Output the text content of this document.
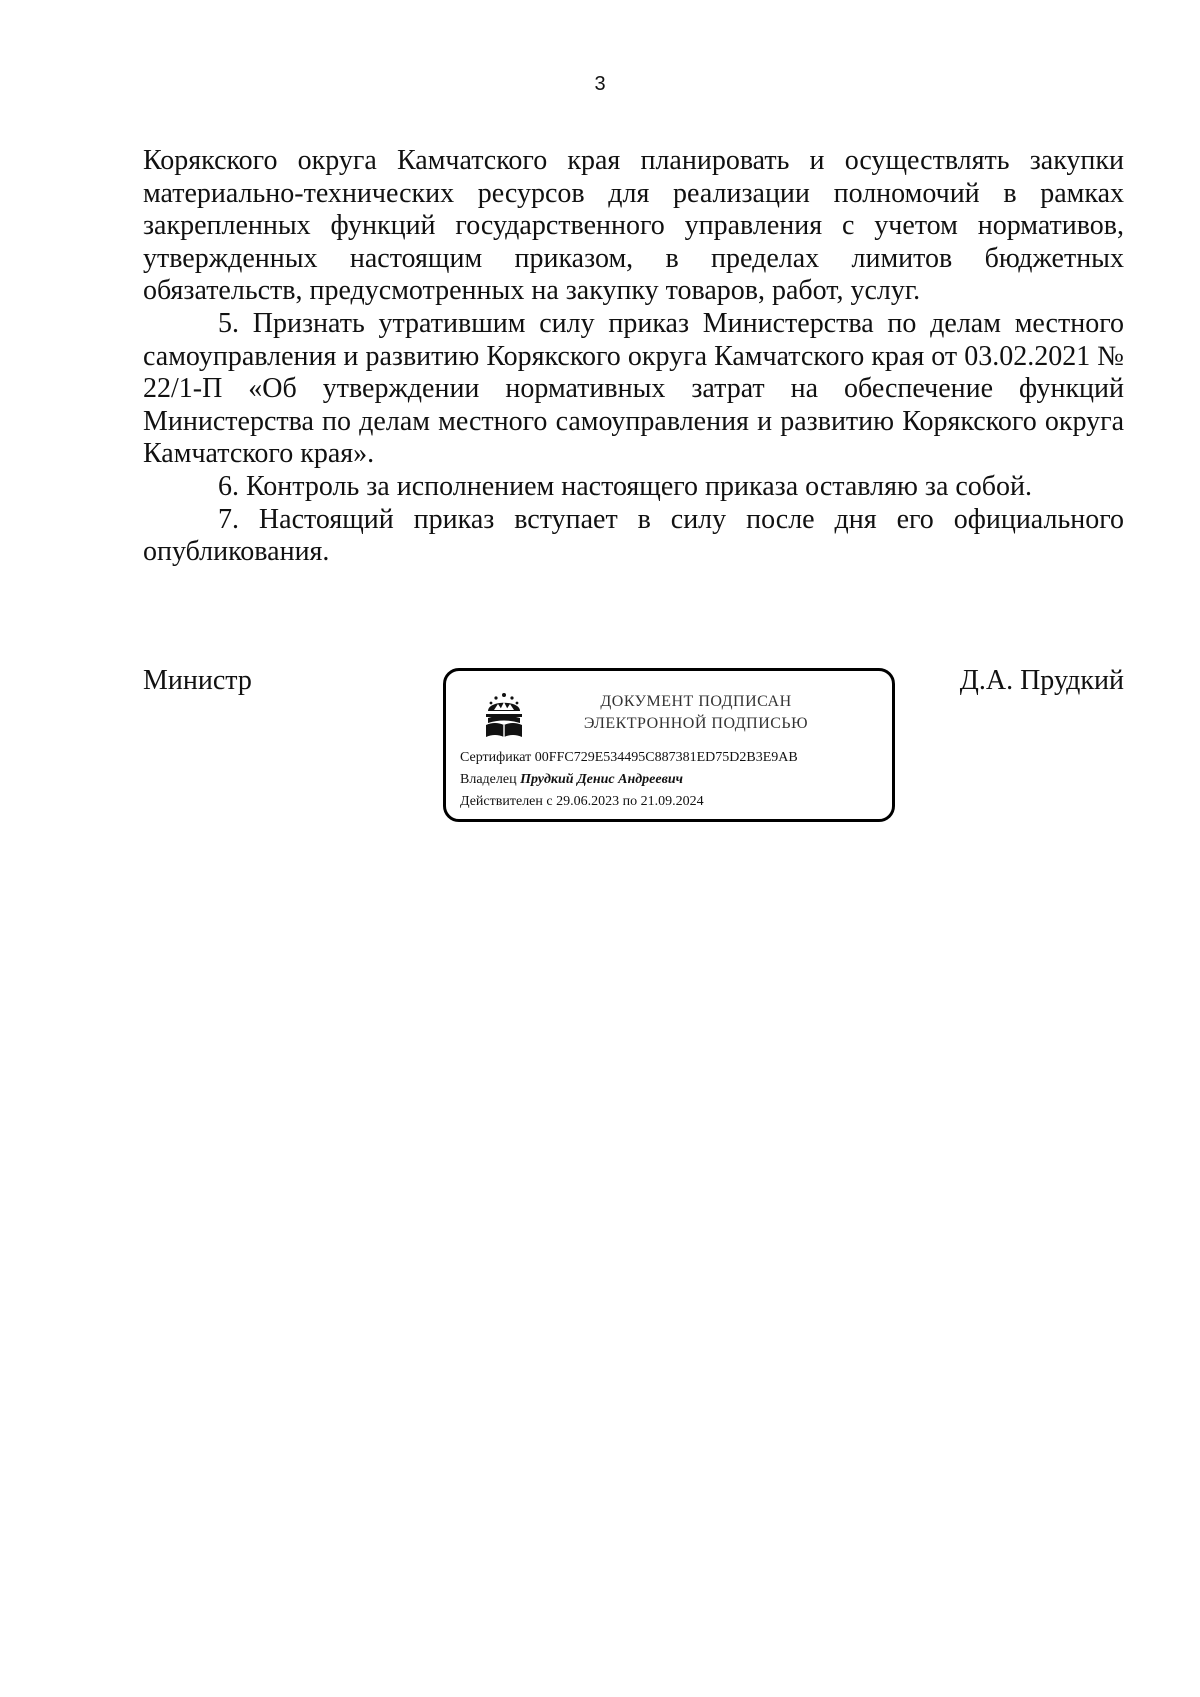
3

Корякского округа Камчатского края планировать и осуществлять закупки материально-технических ресурсов для реализации полномочий в рамках закрепленных функций государственного управления с учетом нормативов, утвержденных настоящим приказом, в пределах лимитов бюджетных обязательств, предусмотренных на закупку товаров, работ, услуг.

5. Признать утратившим силу приказ Министерства по делам местного самоуправления и развитию Корякского округа Камчатского края от 03.02.2021 № 22/1-П «Об утверждении нормативных затрат на обеспечение функций Министерства по делам местного самоуправления и развитию Корякского округа Камчатского края».

6. Контроль за исполнением настоящего приказа оставляю за собой.

7. Настоящий приказ вступает в силу после дня его официального опубликования.

Министр	Д.А. Прудкий
ДОКУМЕНТ ПОДПИСАН
ЭЛЕКТРОННОЙ ПОДПИСЬЮ
Сертификат 00FFC729E534495C887381ED75D2B3E9AB
Владелец Прудкий Денис Андреевич
Действителен с 29.06.2023 по 21.09.2024
